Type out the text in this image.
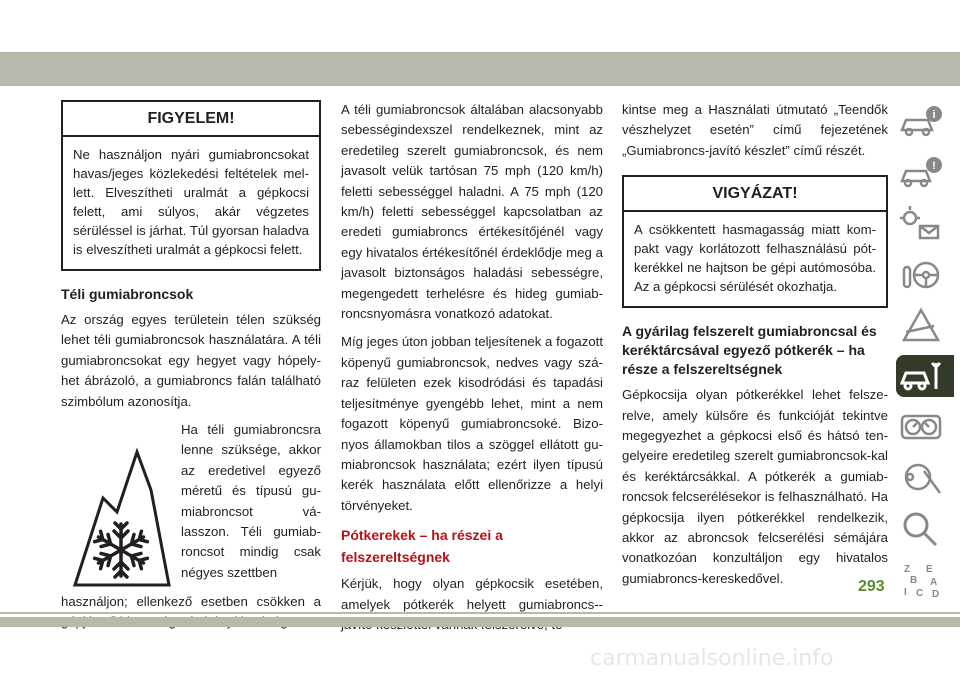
FIGYELEM!
Ne használjon nyári gumiabroncsokat havas/jeges közlekedési feltételek mel-lett. Elveszítheti uralmát a gépkocsi felett, ami súlyos, akár végzetes sérüléssel is járhat. Túl gyorsan haladva is elveszítheti uralmát a gépkocsi felett.
Téli gumiabroncsok

Az ország egyes területein télen szükség lehet téli gumiabroncsok használatára. A téli gumiabroncsokat egy hegyet vagy hópely-het ábrázoló, a gumiabroncs falán található szimbólum azonosítja.

Ha téli gumiabroncsra lenne szüksége, akkor az eredetivel egyező méretű és típusú gu-miabroncsot vá-lasszon. Téli gumiab-roncsot mindig csak négyes szettben

használjon; ellenkező esetben csökken a

A téli gumiabroncsok általában alacsonyabb sebességindexszel rendelkeznek, mint az eredetileg szerelt gumiabroncsok, és nem javasolt velük tartósan 75 mph (120 km/h) feletti sebességgel haladni. A 75 mph (120 km/h) feletti sebességgel kapcsolatban az eredeti gumiabroncs értékesítőjénél vagy egy hivatalos értékesítőnél érdeklődje meg a javasolt biztonságos haladási sebességre, megengedett terhelésre és hideg gumiab-roncsnyomásra vonatkozó adatokat.

Míg jeges úton jobban teljesítenek a fogazott köpenyű gumiabroncsok, nedves vagy szá-raz felületen ezek kisodródási és tapadási teljesítménye gyengébb lehet, mint a nem fogazott köpenyű gumiabroncsoké. Bizo-nyos államokban tilos a szöggel ellátott gu-miabroncsok használata; ezért ilyen típusú kerék használata előtt ellenőrizze a helyi törvényeket.

Pótkerekek – ha részei a felszereltségnek

Kérjük, hogy olyan gépkocsik esetében, amelyek pótkerék helyett gumiabroncs--

kintse meg a Használati útmutató „Teendők vészhelyzet esetén” című fejezetének „Gumiabroncs-javító készlet” című részét.

VIGYÁZAT!
A csökkentett hasmagasság miatt kom-pakt vagy korlátozott felhasználású pót-kerékkel ne hajtson be gépi autómosóba. Az a gépkocsi sérülését okozhatja.
A gyárilag felszerelt gumiabroncsal és keréktárcsával egyező pótkerék – ha része a felszereltségnek

Gépkocsija olyan pótkerékkel lehet felsze-relve, amely külsőre és funkcióját tekintve megegyezhet a gépkocsi első és hátsó ten-gelyeire eredetileg szerelt gumiabroncsok-kal és keréktárcsákkal. A pótkerék a gumiab-roncsok felcserélésekor is felhasználható. Ha gépkocsija ilyen pótkerékkel rendelkezik, akkor az abroncsok felcserélési sémájára vonatkozóan konzultáljon egy hivatalos gumiabroncs-kereskedővel.

i
!
Z E
B A
I C D
293
carmanualsonline.info
